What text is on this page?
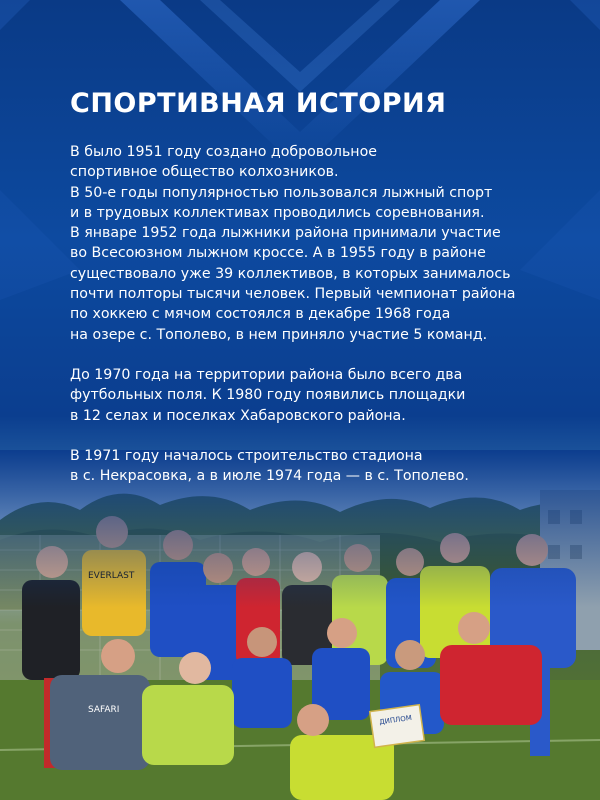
СПОРТИВНАЯ ИСТОРИЯ

В было 1951 году создано добровольное
спортивное общество колхозников.
В 50-е годы популярностью пользовался лыжный спорт
и в трудовых коллективах проводились соревнования.
В январе 1952 года лыжники района принимали участие
во Всесоюзном лыжном кроссе. А в 1955 году в районе
существовало уже 39 коллективов, в которых занималось
почти полторы тысячи человек. Первый чемпионат района
по хоккею с мячом состоялся в декабре 1968 года
на озере с. Тополево, в нем приняло участие 5 команд.

До 1970 года на территории района было всего два
футбольных поля. К 1980 году появились площадки
в 12 селах и поселках Хабаровского района.

В 1971 году началось строительство стадиона
в с. Некрасовка, а в июле 1974 года — в с. Тополево.
